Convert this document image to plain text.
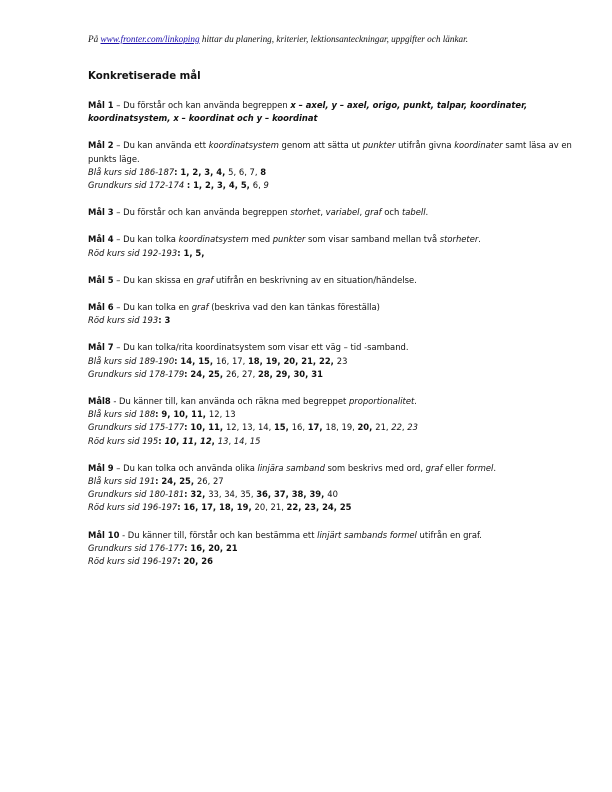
På www.fronter.com/linkoping hittar du planering, kriterier, lektionsanteckningar, uppgifter och länkar.
Konkretiserade mål

Mål 1 – Du förstår och kan använda begreppen x – axel, y – axel, origo, punkt, talpar, koordinater, koordinatsystem, x – koordinat och y – koordinat

Mål 2 – Du kan använda ett koordinatsystem genom att sätta ut punkter utifrån givna koordinater samt läsa av en punkts läge.

Blå kurs sid 186-187: 1, 2, 3, 4, 5, 6, 7, 8
Grundkurs sid 172-174 : 1, 2, 3, 4, 5, 6, 9

Mål 3 – Du förstår och kan använda begreppen storhet, variabel, graf och tabell.

Mål 4 – Du kan tolka koordinatsystem med punkter som visar samband mellan två storheter.

Röd kurs sid 192-193: 1, 5,

Mål 5 – Du kan skissa en graf utifrån en beskrivning av en situation/händelse.

Mål 6 – Du kan tolka en graf (beskriva vad den kan tänkas föreställa)

Röd kurs sid 193: 3

Mål 7 – Du kan tolka/rita koordinatsystem som visar ett väg – tid -samband.

Blå kurs sid 189-190: 14, 15, 16, 17, 18, 19, 20, 21, 22, 23
Grundkurs sid 178-179: 24, 25, 26, 27, 28, 29, 30, 31

Mål8 - Du känner till, kan använda och räkna med begreppet proportionalitet.

Blå kurs sid 188: 9, 10, 11, 12, 13
Grundkurs sid 175-177: 10, 11, 12, 13, 14, 15, 16, 17, 18, 19, 20, 21, 22, 23
Röd kurs sid 195: 10, 11, 12, 13, 14, 15

Mål 9 – Du kan tolka och använda olika linjära samband som beskrivs med ord, graf eller formel.

Blå kurs sid 191: 24, 25, 26, 27
Grundkurs sid 180-181: 32, 33, 34, 35, 36, 37, 38, 39, 40
Röd kurs sid 196-197: 16, 17, 18, 19, 20, 21, 22, 23, 24, 25

Mål 10 - Du känner till, förstår och kan bestämma ett linjärt sambands formel utifrån en graf.

Grundkurs sid 176-177: 16, 20, 21
Röd kurs sid 196-197: 20, 26
